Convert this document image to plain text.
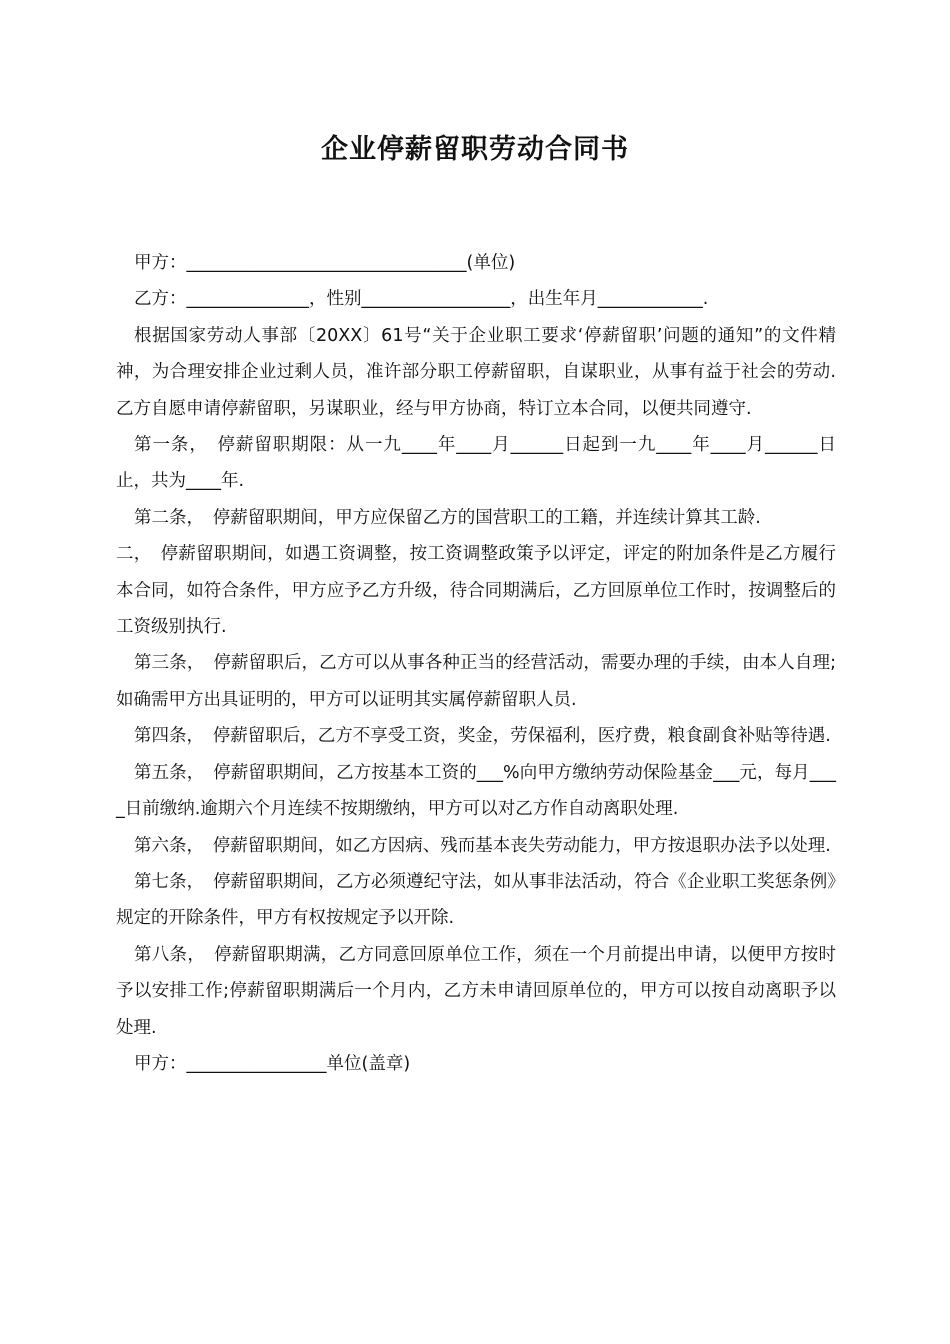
企业停薪留职劳动合同书

甲方：________________________________(单位)

乙方：______________，性别_________________，出生年月____________.

根据国家劳动人事部〔20XX〕61号“关于企业职工要求‘停薪留职’问题的通知”的文件精神，为合理安排企业过剩人员，准许部分职工停薪留职，自谋职业，从事有益于社会的劳动.乙方自愿申请停薪留职，另谋职业，经与甲方协商，特订立本合同，以便共同遵守.

第一条，　停薪留职期限：从一九____年____月______日起到一九____年____月______日止，共为____年.

第二条，　停薪留职期间，甲方应保留乙方的国营职工的工籍，并连续计算其工龄.

二，　停薪留职期间，如遇工资调整，按工资调整政策予以评定，评定的附加条件是乙方履行本合同，如符合条件，甲方应予乙方升级，待合同期满后，乙方回原单位工作时，按调整后的工资级别执行.

第三条，　停薪留职后，乙方可以从事各种正当的经营活动，需要办理的手续，由本人自理;如确需甲方出具证明的，甲方可以证明其实属停薪留职人员.

第四条，　停薪留职后，乙方不享受工资，奖金，劳保福利，医疗费，粮食副食补贴等待遇.

第五条，　停薪留职期间，乙方按基本工资的___%向甲方缴纳劳动保险基金___元，每月____日前缴纳.逾期六个月连续不按期缴纳，甲方可以对乙方作自动离职处理.

第六条，　停薪留职期间，如乙方因病、残而基本丧失劳动能力，甲方按退职办法予以处理.

第七条，　停薪留职期间，乙方必须遵纪守法，如从事非法活动，符合《企业职工奖惩条例》规定的开除条件，甲方有权按规定予以开除.

第八条，　停薪留职期满，乙方同意回原单位工作，须在一个月前提出申请，以便甲方按时予以安排工作;停薪留职期满后一个月内，乙方未申请回原单位的，甲方可以按自动离职予以处理.

甲方：________________单位(盖章)
